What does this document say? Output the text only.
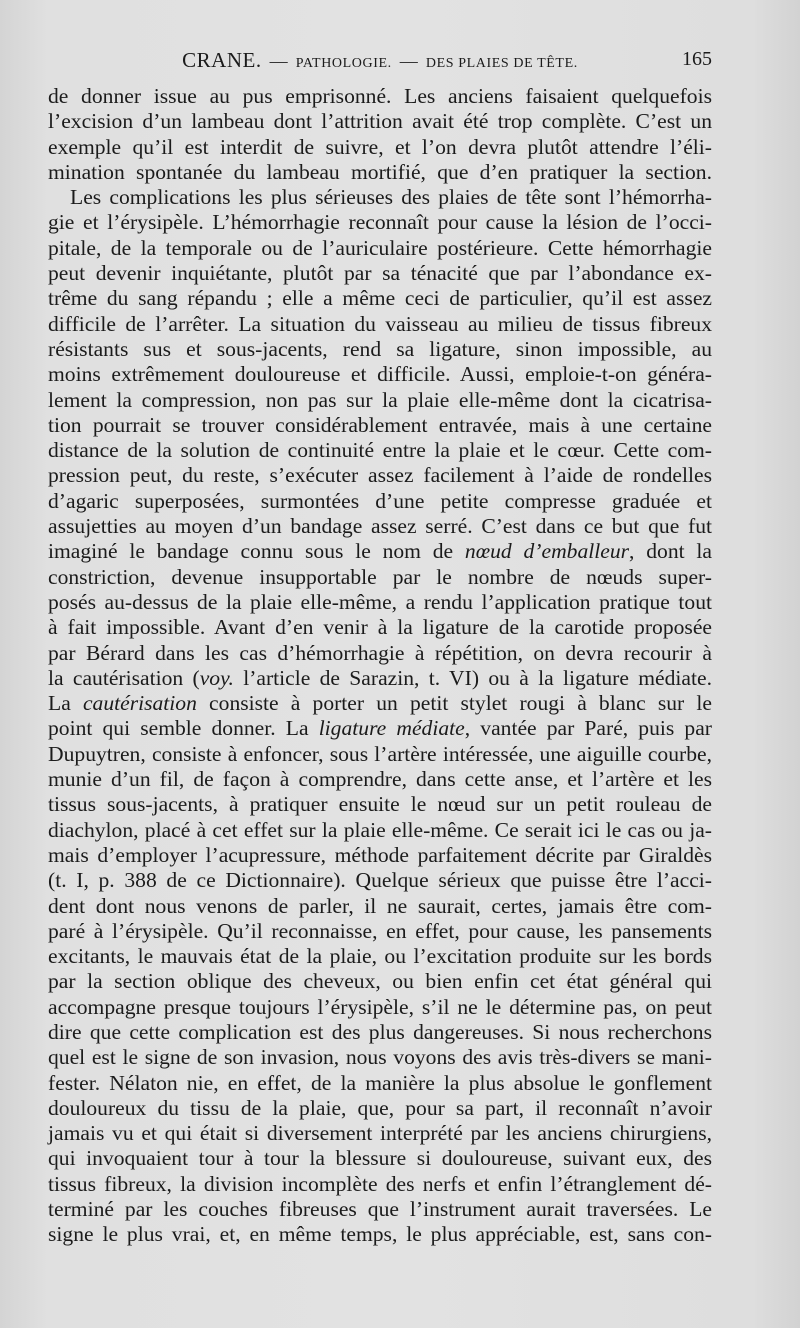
CRANE. — PATHOLOGIE. — DES PLAIES DE TÊTE.	165
de donner issue au pus emprisonné. Les anciens faisaient quelquefois
l’excision d’un lambeau dont l’attrition avait été trop complète. C’est un
exemple qu’il est interdit de suivre, et l’on devra plutôt attendre l’éli-
mination spontanée du lambeau mortifié, que d’en pratiquer la section.
Les complications les plus sérieuses des plaies de tête sont l’hémorrha-
gie et l’érysipèle. L’hémorrhagie reconnaît pour cause la lésion de l’occi-
pitale, de la temporale ou de l’auriculaire postérieure. Cette hémorrhagie
peut devenir inquiétante, plutôt par sa ténacité que par l’abondance ex-
trême du sang répandu ; elle a même ceci de particulier, qu’il est assez
difficile de l’arrêter. La situation du vaisseau au milieu de tissus fibreux
résistants sus et sous-jacents, rend sa ligature, sinon impossible, au
moins extrêmement douloureuse et difficile. Aussi, emploie-t-on généra-
lement la compression, non pas sur la plaie elle-même dont la cicatrisa-
tion pourrait se trouver considérablement entravée, mais à une certaine
distance de la solution de continuité entre la plaie et le cœur. Cette com-
pression peut, du reste, s’exécuter assez facilement à l’aide de rondelles
d’agaric superposées, surmontées d’une petite compresse graduée et
assujetties au moyen d’un bandage assez serré. C’est dans ce but que fut
imaginé le bandage connu sous le nom de nœud d’emballeur, dont la
constriction, devenue insupportable par le nombre de nœuds super-
posés au-dessus de la plaie elle-même, a rendu l’application pratique tout
à fait impossible. Avant d’en venir à la ligature de la carotide proposée
par Bérard dans les cas d’hémorrhagie à répétition, on devra recourir à
la cautérisation (voy. l’article de Sarazin, t. VI) ou à la ligature médiate.
La cautérisation consiste à porter un petit stylet rougi à blanc sur le
point qui semble donner. La ligature médiate, vantée par Paré, puis par
Dupuytren, consiste à enfoncer, sous l’artère intéressée, une aiguille courbe,
munie d’un fil, de façon à comprendre, dans cette anse, et l’artère et les
tissus sous-jacents, à pratiquer ensuite le nœud sur un petit rouleau de
diachylon, placé à cet effet sur la plaie elle-même. Ce serait ici le cas ou ja-
mais d’employer l’acupressure, méthode parfaitement décrite par Giraldès
(t. I, p. 388 de ce Dictionnaire). Quelque sérieux que puisse être l’acci-
dent dont nous venons de parler, il ne saurait, certes, jamais être com-
paré à l’érysipèle. Qu’il reconnaisse, en effet, pour cause, les pansements
excitants, le mauvais état de la plaie, ou l’excitation produite sur les bords
par la section oblique des cheveux, ou bien enfin cet état général qui
accompagne presque toujours l’érysipèle, s’il ne le détermine pas, on peut
dire que cette complication est des plus dangereuses. Si nous recherchons
quel est le signe de son invasion, nous voyons des avis très-divers se mani-
fester. Nélaton nie, en effet, de la manière la plus absolue le gonflement
douloureux du tissu de la plaie, que, pour sa part, il reconnaît n’avoir
jamais vu et qui était si diversement interprété par les anciens chirurgiens,
qui invoquaient tour à tour la blessure si douloureuse, suivant eux, des
tissus fibreux, la division incomplète des nerfs et enfin l’étranglement dé-
terminé par les couches fibreuses que l’instrument aurait traversées. Le
signe le plus vrai, et, en même temps, le plus appréciable, est, sans con-
